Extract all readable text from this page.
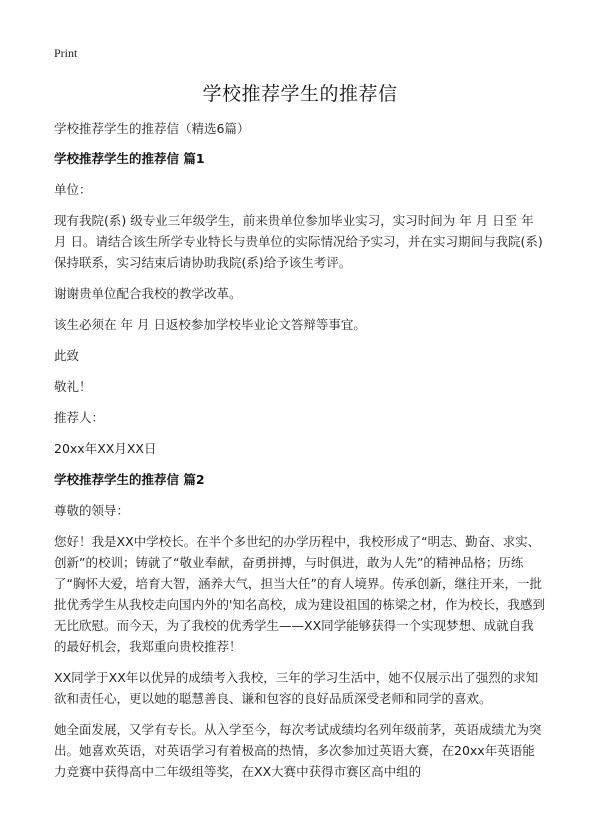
Print
学校推荐学生的推荐信

学校推荐学生的推荐信（精选6篇）

学校推荐学生的推荐信 篇1

单位：

现有我院(系) 级专业三年级学生，前来贵单位参加毕业实习，实习时间为 年 月 日至 年 月 日。请结合该生所学专业特长与贵单位的实际情况给予实习，并在实习期间与我院(系)保持联系，实习结束后请协助我院(系)给予该生考评。

谢谢贵单位配合我校的教学改革。

该生必须在 年 月 日返校参加学校毕业论文答辩等事宜。

此致

敬礼！

推荐人：

20xx年XX月XX日

学校推荐学生的推荐信 篇2

尊敬的领导：

您好！我是XX中学校长。在半个多世纪的办学历程中，我校形成了“明志、勤奋、求实、创新”的校训；铸就了“敬业奉献，奋勇拼搏，与时俱进，敢为人先”的精神品格；历练了“胸怀大爱，培育大智，涵养大气，担当大任”的育人境界。传承创新，继往开来，一批批优秀学生从我校走向国内外的'知名高校，成为建设祖国的栋梁之材，作为校长，我感到无比欣慰。而今天，为了我校的优秀学生——XX同学能够获得一个实现梦想、成就自我的最好机会，我郑重向贵校推荐！

XX同学于XX年以优异的成绩考入我校，三年的学习生活中，她不仅展示出了强烈的求知欲和责任心，更以她的聪慧善良、谦和包容的良好品质深受老师和同学的喜欢。

她全面发展，又学有专长。从入学至今，每次考试成绩均名列年级前茅，英语成绩尤为突出。她喜欢英语，对英语学习有着极高的热情，多次参加过英语大赛，在20xx年英语能力竞赛中获得高中二年级组等奖，在XX大赛中获得市赛区高中组的
